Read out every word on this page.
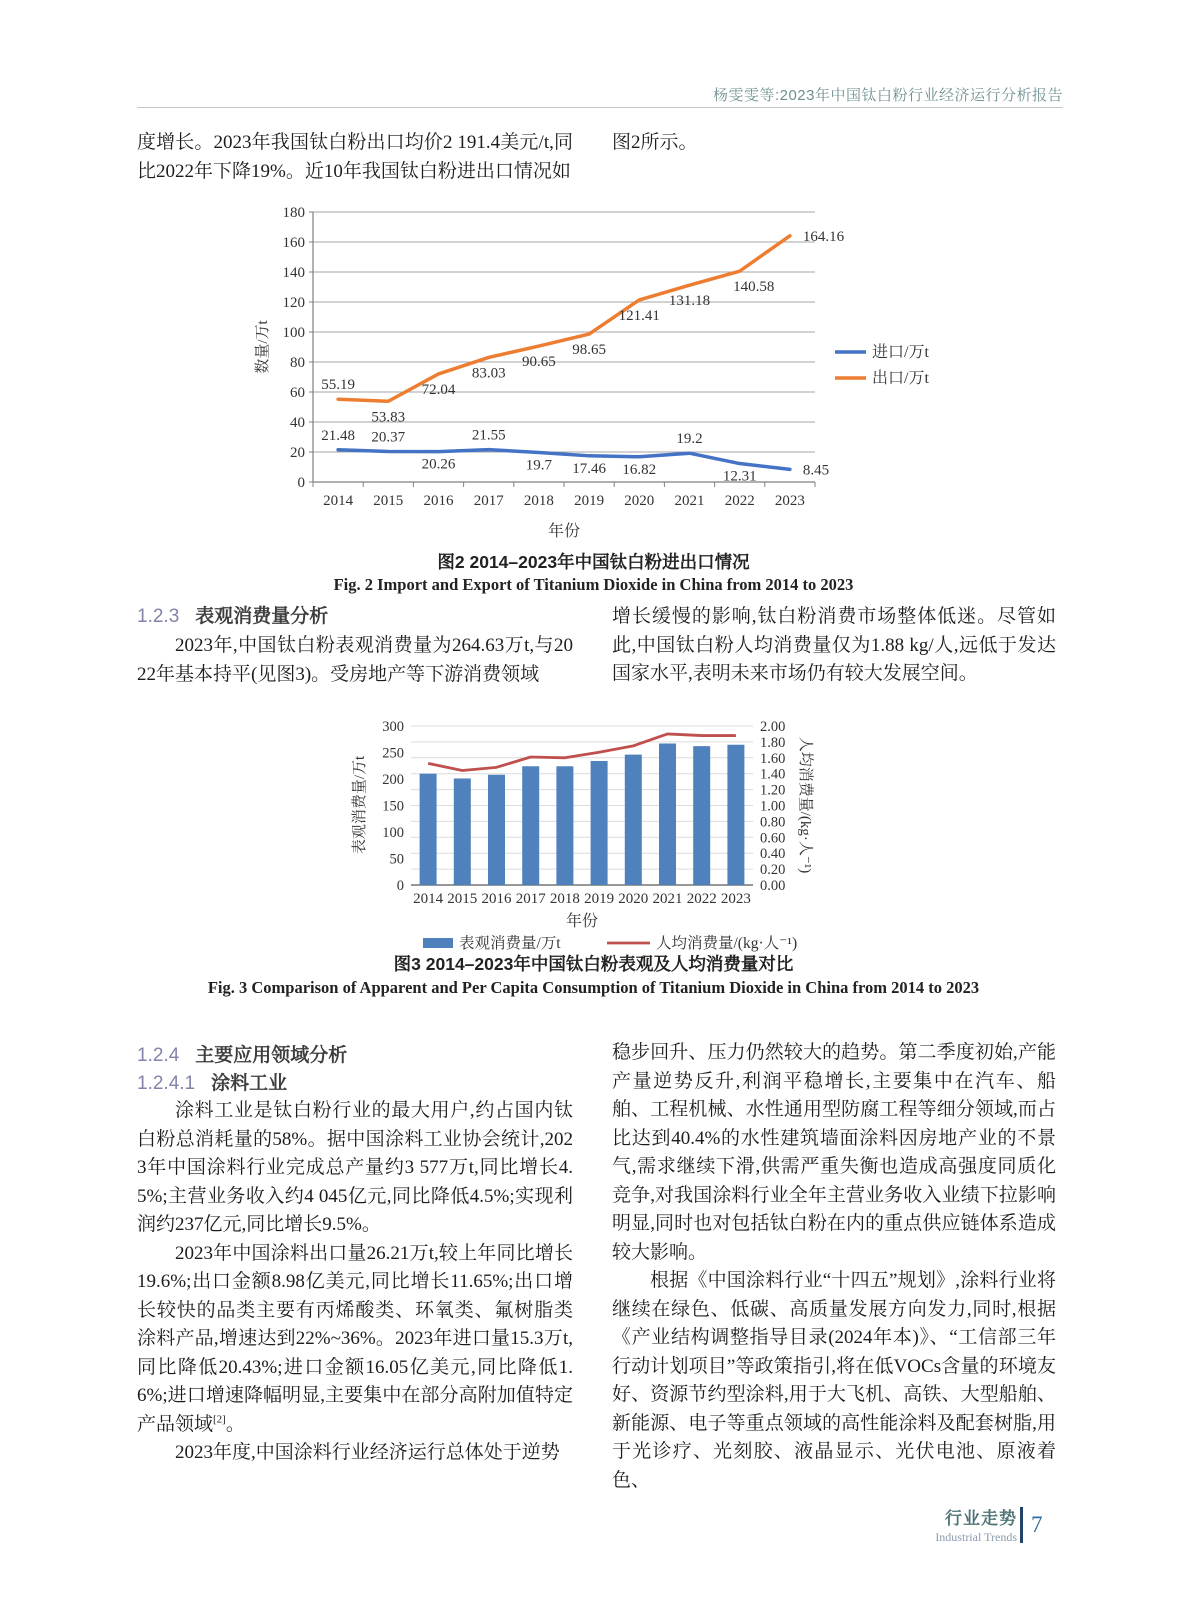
杨雯雯等:2023年中国钛白粉行业经济运行分析报告

度增长。2023年我国钛白粉出口均价2 191.4美元/t,同比2022年下降19%。近10年我国钛白粉进出口情况如

图2所示。

0
20
40
60
80
100
120
140
160
180
2014 2015 2016 2017 2018 2019 2020 2021 2022 2023
年份
数量/万t
21.48 20.37
20.26
21.55
19.7 17.46 16.82
19.2
12.31	8.45
55.19
53.83
72.04
83.03
90.65
98.65
121.41
131.18
140.58
164.16
进口/万t
出口/万t
图2 2014–2023年中国钛白粉进出口情况
Fig. 2 Import and Export of Titanium Dioxide in China from 2014 to 2023
1.2.3 表观消费量分析

2023年,中国钛白粉表观消费量为264.63万t,与2022年基本持平(见图3)。受房地产等下游消费领域

增长缓慢的影响,钛白粉消费市场整体低迷。尽管如此,中国钛白粉人均消费量仅为1.88 kg/人,远低于发达国家水平,表明未来市场仍有较大发展空间。

0
50
100
150
200
250
300
0.00
0.20
0.40
0.60
0.80
1.00
1.20
1.40
1.60
1.80
2.00
2014 2015 2016 2017 2018 2019 2020 2021 2022 2023
年份
表观消费量/万t	人均消费量/(kg·人⁻¹)
表观消费量/万t	人均消费量/(kg·人⁻¹)
图3 2014–2023年中国钛白粉表观及人均消费量对比
Fig. 3 Comparison of Apparent and Per Capita Consumption of Titanium Dioxide in China from 2014 to 2023
1.2.4 主要应用领域分析
1.2.4.1 涂料工业

涂料工业是钛白粉行业的最大用户,约占国内钛白粉总消耗量的58%。据中国涂料工业协会统计,2023年中国涂料行业完成总产量约3 577万t,同比增长4.5%;主营业务收入约4 045亿元,同比降低4.5%;实现利润约237亿元,同比增长9.5%。

2023年中国涂料出口量26.21万t,较上年同比增长19.6%;出口金额8.98亿美元,同比增长11.65%;出口增长较快的品类主要有丙烯酸类、环氧类、氟树脂类涂料产品,增速达到22%~36%。2023年进口量15.3万t,同比降低20.43%;进口金额16.05亿美元,同比降低1.6%;进口增速降幅明显,主要集中在部分高附加值特定产品领域[2]。

2023年度,中国涂料行业经济运行总体处于逆势

稳步回升、压力仍然较大的趋势。第二季度初始,产能产量逆势反升,利润平稳增长,主要集中在汽车、船舶、工程机械、水性通用型防腐工程等细分领域,而占比达到40.4%的水性建筑墙面涂料因房地产业的不景气,需求继续下滑,供需严重失衡也造成高强度同质化竞争,对我国涂料行业全年主营业务收入业绩下拉影响明显,同时也对包括钛白粉在内的重点供应链体系造成较大影响。

根据《中国涂料行业“十四五”规划》,涂料行业将继续在绿色、低碳、高质量发展方向发力,同时,根据《产业结构调整指导目录(2024年本)》、“工信部三年行动计划项目”等政策指引,将在低VOCs含量的环境友好、资源节约型涂料,用于大飞机、高铁、大型船舶、新能源、电子等重点领域的高性能涂料及配套树脂,用于光诊疗、光刻胶、液晶显示、光伏电池、原液着色、

行业走势
Industrial Trends
7
